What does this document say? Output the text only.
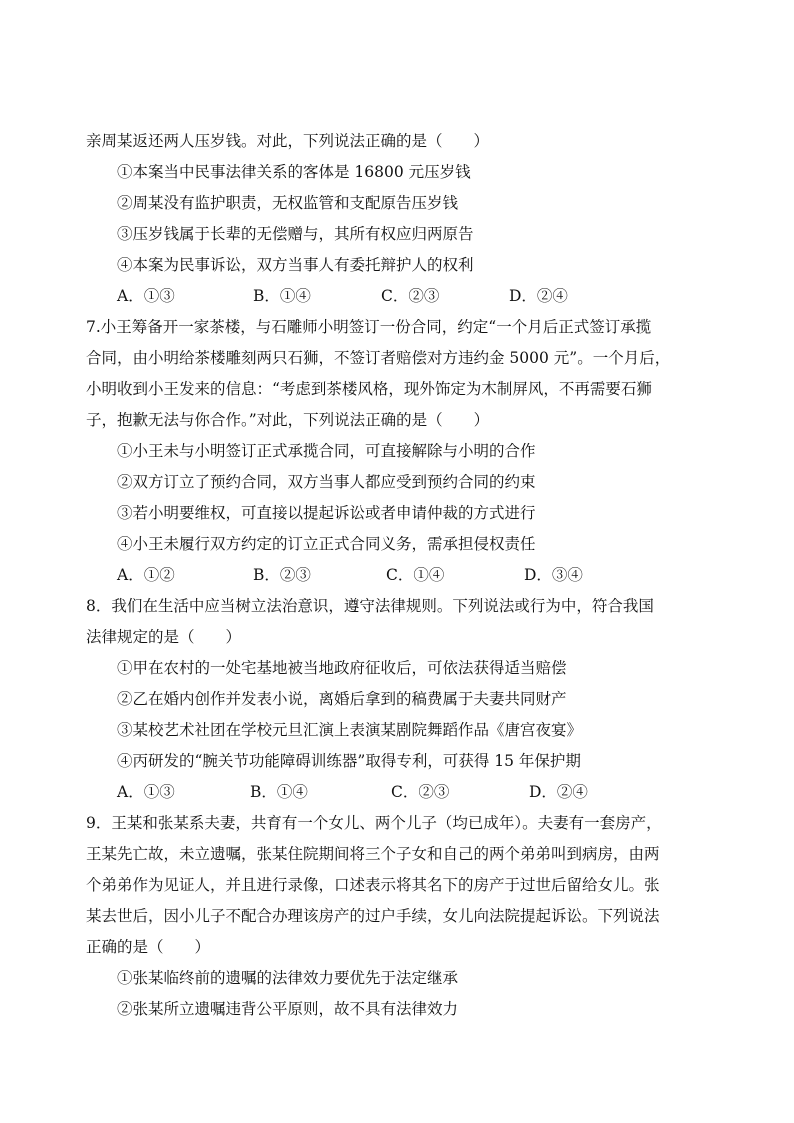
亲周某返还两人压岁钱。对此，下列说法正确的是（　　）
①本案当中民事法律关系的客体是 16800 元压岁钱
②周某没有监护职责，无权监管和支配原告压岁钱
③压岁钱属于长辈的无偿赠与，其所有权应归两原告
④本案为民事诉讼，双方当事人有委托辩护人的权利
A．①③	B．①④	C．②③	D．②④
7.小王筹备开一家茶楼，与石雕师小明签订一份合同，约定“一个月后正式签订承揽
合同，由小明给茶楼雕刻两只石狮，不签订者赔偿对方违约金 5000 元”。一个月后，
小明收到小王发来的信息：“考虑到茶楼风格，现外饰定为木制屏风，不再需要石狮
子，抱歉无法与你合作。”对此，下列说法正确的是（　　）
①小王未与小明签订正式承揽合同，可直接解除与小明的合作
②双方订立了预约合同，双方当事人都应受到预约合同的约束
③若小明要维权，可直接以提起诉讼或者申请仲裁的方式进行
④小王未履行双方约定的订立正式合同义务，需承担侵权责任
A．①②	B．②③	C．①④	D．③④
8．我们在生活中应当树立法治意识，遵守法律规则。下列说法或行为中，符合我国
法律规定的是（　　）
①甲在农村的一处宅基地被当地政府征收后，可依法获得适当赔偿
②乙在婚内创作并发表小说，离婚后拿到的稿费属于夫妻共同财产
③某校艺术社团在学校元旦汇演上表演某剧院舞蹈作品《唐宫夜宴》
④丙研发的“腕关节功能障碍训练器”取得专利，可获得 15 年保护期
A．①③	B．①④	C．②③	D．②④
9．王某和张某系夫妻，共育有一个女儿、两个儿子（均已成年）。夫妻有一套房产，
王某先亡故，未立遗嘱，张某住院期间将三个子女和自己的两个弟弟叫到病房，由两
个弟弟作为见证人，并且进行录像，口述表示将其名下的房产于过世后留给女儿。张
某去世后，因小儿子不配合办理该房产的过户手续，女儿向法院提起诉讼。下列说法
正确的是（　　）
①张某临终前的遗嘱的法律效力要优先于法定继承
②张某所立遗嘱违背公平原则，故不具有法律效力
